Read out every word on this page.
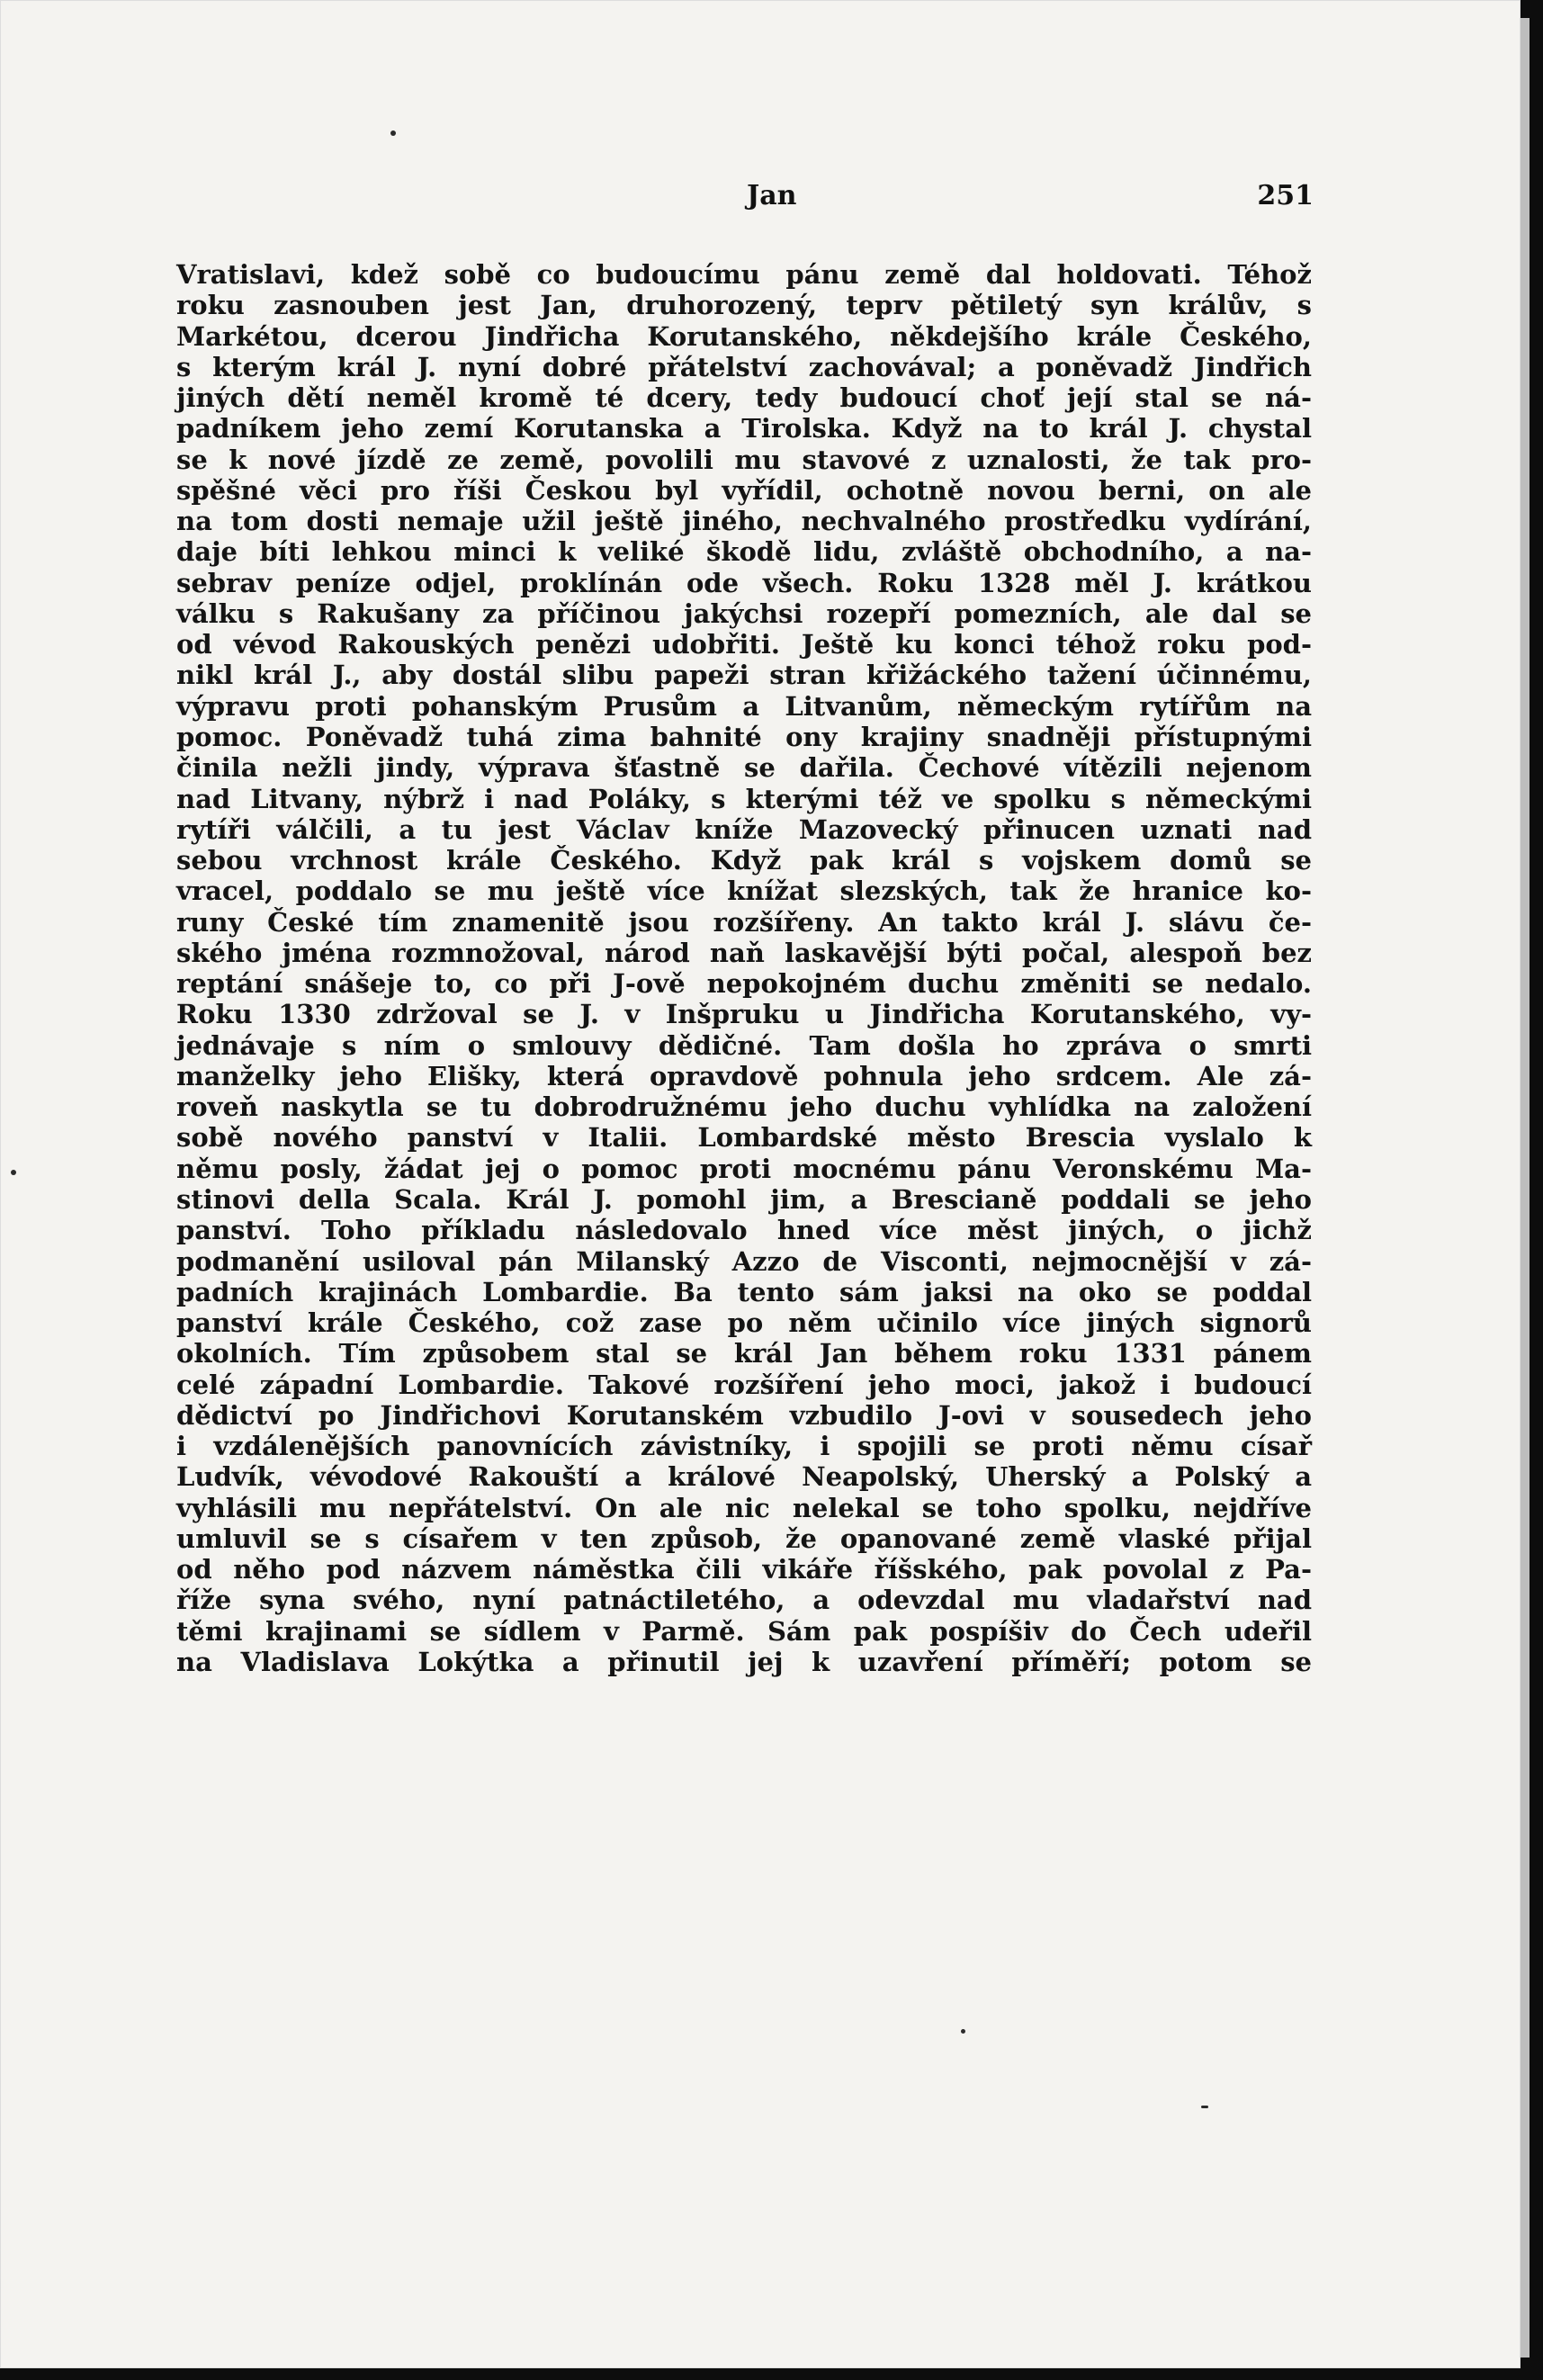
Jan	251
Vratislavi, kdež sobě co budoucímu pánu země dal holdovati. Téhož
roku zasnouben jest Jan, druhorozený, teprv pětiletý syn králův, s
Markétou, dcerou Jindřicha Korutanského, někdejšího krále Českého,
s kterým král J. nyní dobré přátelství zachovával; a poněvadž Jindřich
jiných dětí neměl kromě té dcery, tedy budoucí choť její stal se ná-
padníkem jeho zemí Korutanska a Tirolska. Když na to král J. chystal
se k nové jízdě ze země, povolili mu stavové z uznalosti, že tak pro-
spěšné věci pro říši Českou byl vyřídil, ochotně novou berni, on ale
na tom dosti nemaje užil ještě jiného, nechvalného prostředku vydírání,
daje bíti lehkou minci k veliké škodě lidu, zvláště obchodního, a na-
sebrav peníze odjel, proklínán ode všech. Roku 1328 měl J. krátkou
válku s Rakušany za příčinou jakýchsi rozepří pomezních, ale dal se
od vévod Rakouských penězi udobřiti. Ještě ku konci téhož roku pod-
nikl král J., aby dostál slibu papeži stran křižáckého tažení účinnému,
výpravu proti pohanským Prusům a Litvanům, německým rytířům na
pomoc. Poněvadž tuhá zima bahnité ony krajiny snadněji přístupnými
činila nežli jindy, výprava šťastně se dařila. Čechové vítězili nejenom
nad Litvany, nýbrž i nad Poláky, s kterými též ve spolku s německými
rytíři válčili, a tu jest Václav kníže Mazovecký přinucen uznati nad
sebou vrchnost krále Českého. Když pak král s vojskem domů se
vracel, poddalo se mu ještě více knížat slezských, tak že hranice ko-
runy České tím znamenitě jsou rozšířeny. An takto král J. slávu če-
ského jména rozmnožoval, národ naň laskavější býti počal, alespoň bez
reptání snášeje to, co při J-ově nepokojném duchu změniti se nedalo.
Roku 1330 zdržoval se J. v Inšpruku u Jindřicha Korutanského, vy-
jednávaje s ním o smlouvy dědičné. Tam došla ho zpráva o smrti
manželky jeho Elišky, která opravdově pohnula jeho srdcem. Ale zá-
roveň naskytla se tu dobrodružnému jeho duchu vyhlídka na založení
sobě nového panství v Italii. Lombardské město Brescia vyslalo k
němu posly, žádat jej o pomoc proti mocnému pánu Veronskému Ma-
stinovi della Scala. Král J. pomohl jim, a Brescianě poddali se jeho
panství. Toho příkladu následovalo hned více měst jiných, o jichž
podmanění usiloval pán Milanský Azzo de Visconti, nejmocnější v zá-
padních krajinách Lombardie. Ba tento sám jaksi na oko se poddal
panství krále Českého, což zase po něm učinilo více jiných signorů
okolních. Tím způsobem stal se král Jan během roku 1331 pánem
celé západní Lombardie. Takové rozšíření jeho moci, jakož i budoucí
dědictví po Jindřichovi Korutanském vzbudilo J-ovi v sousedech jeho
i vzdálenějších panovnících závistníky, i spojili se proti němu císař
Ludvík, vévodové Rakouští a králové Neapolský, Uherský a Polský a
vyhlásili mu nepřátelství. On ale nic nelekal se toho spolku, nejdříve
umluvil se s císařem v ten způsob, že opanované země vlaské přijal
od něho pod názvem náměstka čili vikáře říšského, pak povolal z Pa-
říže syna svého, nyní patnáctiletého, a odevzdal mu vladařství nad
těmi krajinami se sídlem v Parmě. Sám pak pospíšiv do Čech udeřil
na Vladislava Lokýtka a přinutil jej k uzavření příměří; potom se
